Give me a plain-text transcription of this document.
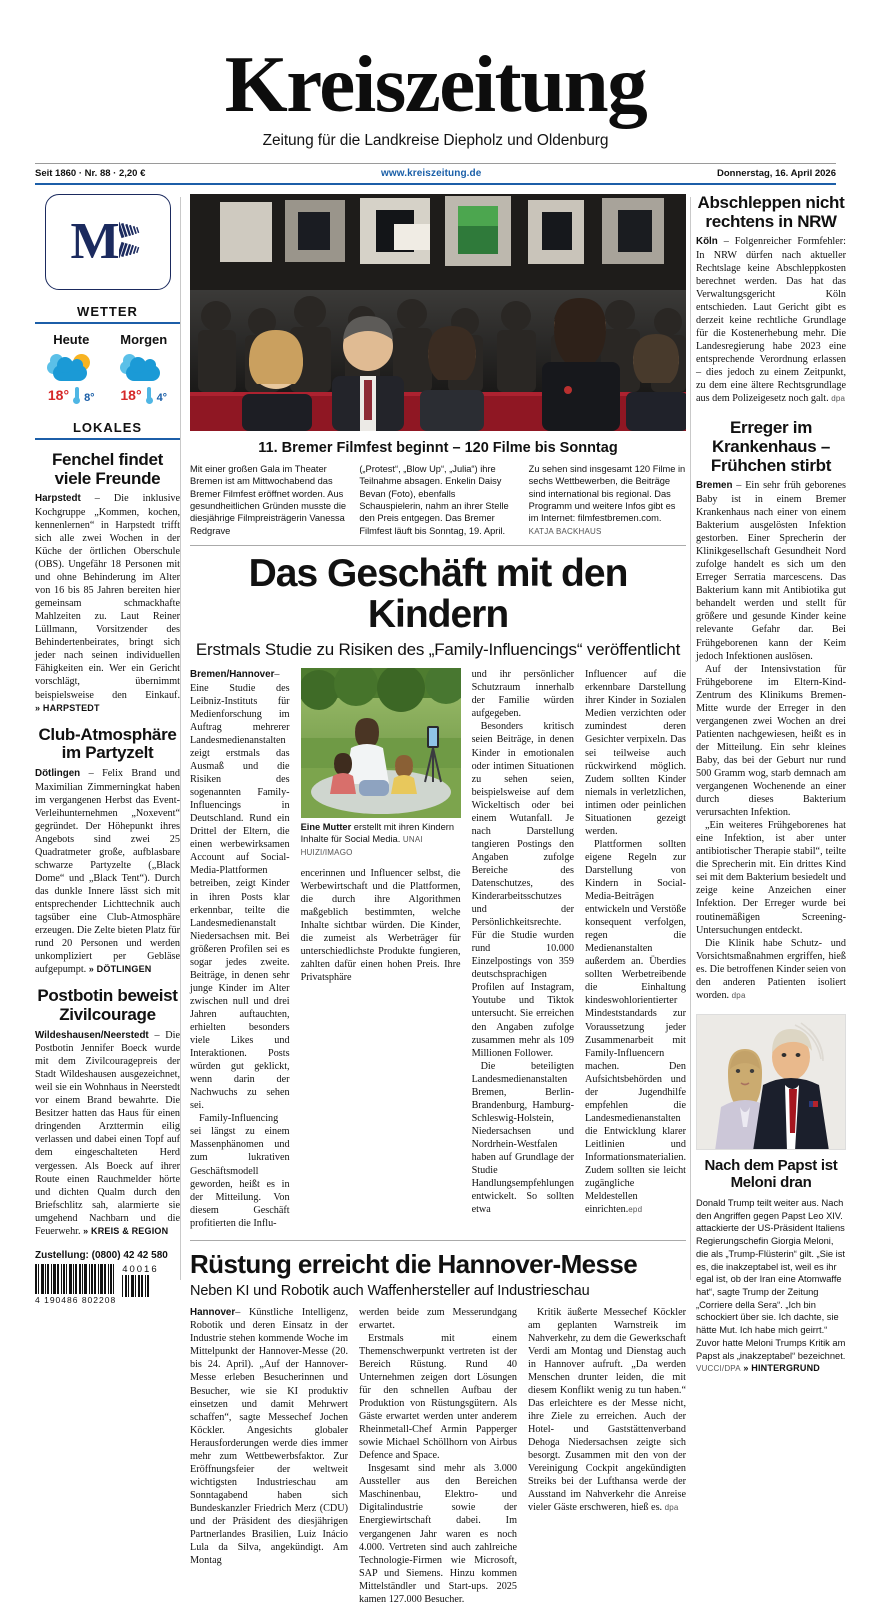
Kreiszeitung
Zeitung für die Landkreise Diepholz und Oldenburg
Seit 1860 · Nr. 88 · 2,20 €	www.kreiszeitung.de	Donnerstag, 16. April 2026
M
WETTER
Heute
18° 8°
Morgen
18° 4°
LOKALES
Fenchel findet viele Freunde
Harpstedt – Die inklusive Kochgruppe „Kommen, kochen, kennenlernen“ in Harpstedt trifft sich alle zwei Wochen in der Küche der örtlichen Oberschule (OBS). Ungefähr 18 Personen mit und ohne Behinderung im Alter von 16 bis 85 Jahren bereiten hier gemeinsam schmackhafte Mahlzeiten zu. Laut Reiner Lüllmann, Vorsitzender des Behindertenbeirates, bringt sich jeder nach seinen individuellen Fähigkeiten ein. Wer ein Gericht vorschlägt, übernimmt beispielsweise den Einkauf. » HARPSTEDT
Club-Atmosphäre im Partyzelt
Dötlingen – Felix Brand und Maximilian Zimmerningkat haben im vergangenen Herbst das Event-Verleihunternehmen „Noxevent“ gegründet. Der Höhepunkt ihres Angebots sind zwei 25 Quadratmeter große, aufblasbare schwarze Partyzelte („Black Dome“ und „Black Tent“). Durch das dunkle Innere lässt sich mit entsprechender Lichttechnik auch tagsüber eine Club-Atmosphäre erzeugen. Die Zelte bieten Platz für rund 20 Personen und werden unkompliziert per Gebläse aufgepumpt. » DÖTLINGEN
Postbotin beweist Zivilcourage
Wildeshausen/Neerstedt – Die Postbotin Jennifer Boeck wurde mit dem Zivilcouragepreis der Stadt Wildeshausen ausgezeichnet, weil sie ein Wohnhaus in Neerstedt vor einem Brand bewahrte. Die Besitzer hatten das Haus für einen dringenden Arzttermin eilig verlassen und dabei einen Topf auf dem eingeschalteten Herd vergessen. Als Boeck auf ihrer Route einen Rauchmelder hörte und dichten Qualm durch den Briefschlitz sah, alarmierte sie umgehend Nachbarn und die Feuerwehr. » KREIS & REGION
Zustellung: (0800) 42 42 580
4 190486 802208
40016
11. Bremer Filmfest beginnt – 120 Filme bis Sonntag
Mit einer großen Gala im Theater Bremen ist am Mittwochabend das Bremer Filmfest eröffnet worden. Aus gesundheitlichen Gründen musste die diesjährige Filmpreisträgerin Vanessa Redgrave
(„Protest“, „Blow Up“, „Julia“) ihre Teilnahme absagen. Enkelin Daisy Bevan (Foto), ebenfalls Schauspielerin, nahm an ihrer Stelle den Preis entgegen. Das Bremer Filmfest läuft bis Sonntag, 19. April.
Zu sehen sind insgesamt 120 Filme in sechs Wettbewerben, die Beiträge sind international bis regional. Das Programm und weitere Infos gibt es im Internet: filmfestbremen.com. KATJA BACKHAUS
Das Geschäft mit den Kindern
Erstmals Studie zu Risiken des „Family-Influencings“ veröffentlicht
Bremen/Hannover– Eine Studie des Leibniz-Instituts für Medienforschung im Auftrag mehrerer Landesmedienanstalten zeigt erstmals das Ausmaß und die Risiken des sogenannten Family-Influencings in Deutschland. Rund ein Drittel der Eltern, die einen werbewirksamen Account auf Social-Media-Plattformen betreiben, zeigt Kinder in ihren Posts klar erkennbar, teilte die Landesmedienanstalt Niedersachsen mit. Bei größeren Profilen sei es sogar jedes zweite. Beiträge, in denen sehr junge Kinder im Alter zwischen null und drei Jahren auftauchten, erhielten besonders viele Likes und Interaktionen. Posts würden gut geklickt, wenn darin der Nachwuchs zu sehen sei.
Family-Influencing sei längst zu einem Massenphänomen und zum lukrativen Geschäftsmodell geworden, heißt es in der Mitteilung. Von diesem Geschäft profitierten die Influ-
Eine Mutter erstellt mit ihren Kindern Inhalte für Social Media. UNAI HUIZI/IMAGO
encerinnen und Influencer selbst, die Werbewirtschaft und die Plattformen, die durch ihre Algorithmen maßgeblich bestimmten, welche Inhalte sichtbar würden. Die Kinder, die zumeist als Werbeträger für unterschiedlichste Produkte fungieren, zahlten dafür einen hohen Preis. Ihre Privatsphäre
und ihr persönlicher Schutzraum innerhalb der Familie würden aufgegeben.
Besonders kritisch seien Beiträge, in denen Kinder in emotionalen oder intimen Situationen zu sehen seien, beispielsweise auf dem Wickeltisch oder bei einem Wutanfall. Je nach Darstellung tangieren Postings den Angaben zufolge Bereiche des Datenschutzes, des Kinderarbeitsschutzes und der Persönlichkeitsrechte. Für die Studie wurden rund 10.000 Einzelpostings von 359 deutschsprachigen Profilen auf Instagram, Youtube und Tiktok untersucht. Sie erreichen den Angaben zufolge zusammen mehr als 109 Millionen Follower.
Die beteiligten Landesmedienanstalten Bremen, Berlin-Brandenburg, Hamburg-Schleswig-Holstein, Niedersachsen und Nordrhein-Westfalen haben auf Grundlage der Studie Handlungsempfehlungen entwickelt. So sollten etwa
Influencer auf die erkennbare Darstellung ihrer Kinder in Sozialen Medien verzichten oder zumindest deren Gesichter verpixeln. Das sei teilweise auch rückwirkend möglich. Zudem sollten Kinder niemals in verletzlichen, intimen oder peinlichen Situationen gezeigt werden.
Plattformen sollten eigene Regeln zur Darstellung von Kindern in Social-Media-Beiträgen entwickeln und Verstöße konsequent verfolgen, regen die Medienanstalten außerdem an. Überdies sollten Werbetreibende die Einhaltung kindeswohlorientierter Mindeststandards zur Voraussetzung jeder Zusammenarbeit mit Family-Influencern machen. Den Aufsichtsbehörden und der Jugendhilfe empfehlen die Landesmedienanstalten die Entwicklung klarer Leitlinien und Informationsmaterialien. Zudem sollten sie leicht zugängliche Meldestellen einrichten.epd
Rüstung erreicht die Hannover-Messe
Neben KI und Robotik auch Waffenhersteller auf Industrieschau
Hannover– Künstliche Intelligenz, Robotik und deren Einsatz in der Industrie stehen kommende Woche im Mittelpunkt der Hannover-Messe (20. bis 24. April). „Auf der Hannover-Messe erleben Besucherinnen und Besucher, wie sie KI produktiv einsetzen und damit Mehrwert schaffen“, sagte Messechef Jochen Köckler. Angesichts globaler Herausforderungen werde dies immer mehr zum Wettbewerbsfaktor. Zur Eröffnungsfeier der weltweit wichtigsten Industrieschau am Sonntagabend haben sich Bundeskanzler Friedrich Merz (CDU) und der Präsident des diesjährigen Partnerlandes Brasilien, Luiz Inácio Lula da Silva, angekündigt. Am Montag
werden beide zum Messerundgang erwartet.
Erstmals mit einem Themenschwerpunkt vertreten ist der Bereich Rüstung. Rund 40 Unternehmen zeigen dort Lösungen für den schnellen Aufbau der Produktion von Rüstungsgütern. Als Gäste erwartet werden unter anderem Rheinmetall-Chef Armin Papperger sowie Michael Schöllhorn von Airbus Defence and Space.
Insgesamt sind mehr als 3.000 Aussteller aus den Bereichen Maschinenbau, Elektro- und Digitalindustrie sowie der Energiewirtschaft dabei. Im vergangenen Jahr waren es noch 4.000. Vertreten sind auch zahlreiche Technologie-Firmen wie Microsoft, SAP und Siemens. Hinzu kommen Mittelständler und Start-ups. 2025 kamen 127.000 Besucher.
Kritik äußerte Messechef Köckler am geplanten Warnstreik im Nahverkehr, zu dem die Gewerkschaft Verdi am Montag und Dienstag auch in Hannover aufruft. „Da werden Menschen drunter leiden, die mit diesem Konflikt wenig zu tun haben.“ Das erleichtere es der Messe nicht, ihre Ziele zu erreichen. Auch der Hotel- und Gaststättenverband Dehoga Niedersachsen zeigte sich besorgt. Zusammen mit den von der Vereinigung Cockpit angekündigten Streiks bei der Lufthansa werde der Ausstand im Nahverkehr die Anreise vieler Gäste erschweren, hieß es. dpa
Abschleppen nicht rechtens in NRW
Köln – Folgenreicher Formfehler: In NRW dürfen nach aktueller Rechtslage keine Abschleppkosten berechnet werden. Das hat das Verwaltungsgericht Köln entschieden. Laut Gericht gibt es derzeit keine rechtliche Grundlage für die Kostenerhebung mehr. Die Landesregierung habe 2023 eine entsprechende Verordnung erlassen – dies jedoch zu einem Zeitpunkt, zu dem eine ältere Rechtsgrundlage aus dem Polizeigesetz noch galt. dpa
Erreger im Krankenhaus – Frühchen stirbt
Bremen – Ein sehr früh geborenes Baby ist in einem Bremer Krankenhaus nach einer von einem Bakterium ausgelösten Infektion gestorben. Einer Sprecherin der Klinikgesellschaft Gesundheit Nord zufolge handelt es sich um den Erreger Serratia marcescens. Das Bakterium kann mit Antibiotika gut behandelt werden und stellt für größere und gesunde Kinder keine relevante Gefahr dar. Bei Frühgeborenen kann der Keim jedoch Infektionen auslösen.
Auf der Intensivstation für Frühgeborene im Eltern-Kind-Zentrum des Klinikums Bremen-Mitte wurde der Erreger in den vergangenen zwei Wochen an drei Patienten nachgewiesen, heißt es in der Mitteilung. Ein sehr kleines Baby, das bei der Geburt nur rund 500 Gramm wog, starb demnach am vergangenen Wochenende an einer durch dieses Bakterium verursachten Infektion.
„Ein weiteres Frühgeborenes hat eine Infektion, ist aber unter antibiotischer Therapie stabil“, teilte die Sprecherin mit. Ein drittes Kind sei mit dem Bakterium besiedelt und zeige keine Anzeichen einer Infektion. Der Erreger wurde bei routinemäßigen Screening-Untersuchungen entdeckt.
Die Klinik habe Schutz- und Vorsichtsmaßnahmen ergriffen, hieß es. Die betroffenen Kinder seien von den anderen Patienten isoliert worden. dpa
Nach dem Papst ist Meloni dran
Donald Trump teilt weiter aus. Nach den Angriffen gegen Papst Leo XIV. attackierte der US-Präsident Italiens Regierungschefin Giorgia Meloni, die als „Trump-Flüsterin“ gilt. „Sie ist es, die inakzeptabel ist, weil es ihr egal ist, ob der Iran eine Atomwaffe hat“, sagte Trump der Zeitung „Corriere della Sera“. „Ich bin schockiert über sie. Ich dachte, sie hätte Mut. Ich habe mich geirrt.“ Zuvor hatte Meloni Trumps Kritik am Papst als „inakzeptabel“ bezeichnet. VUCCI/DPA » HINTERGRUND
